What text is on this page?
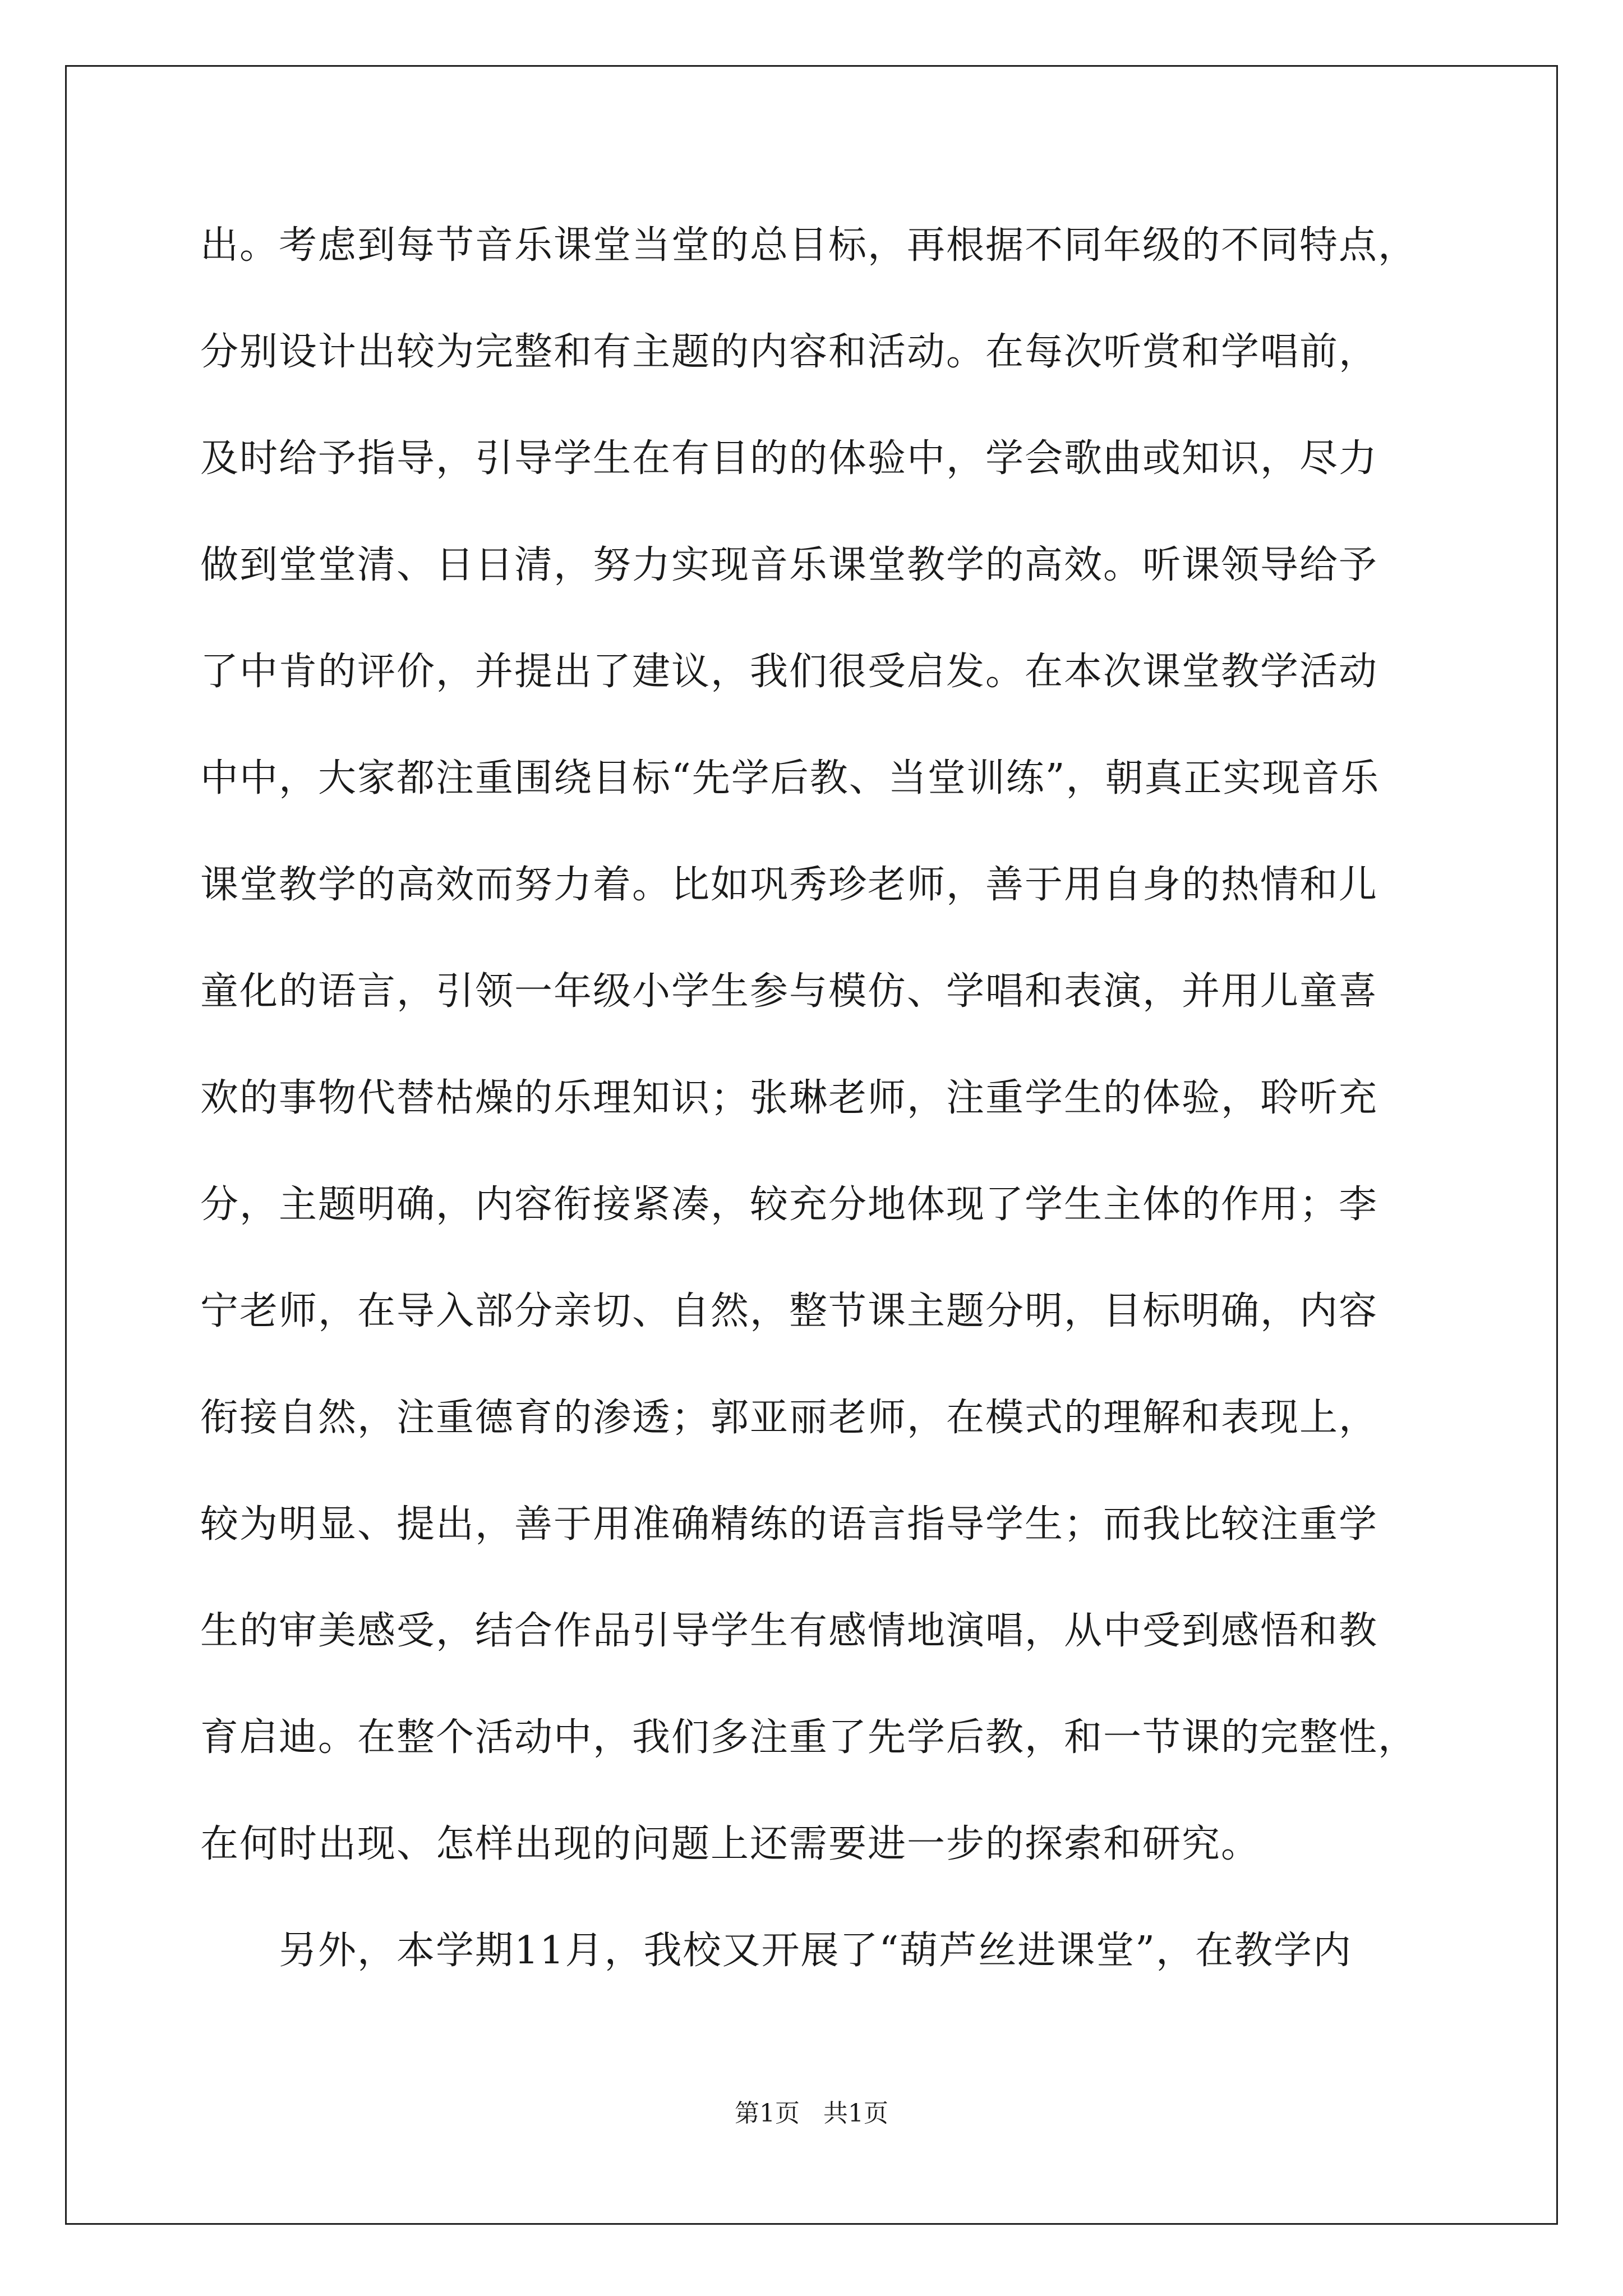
出。考虑到每节音乐课堂当堂的总目标，再根据不同年级的不同特点，
分别设计出较为完整和有主题的内容和活动。在每次听赏和学唱前，
及时给予指导，引导学生在有目的的体验中，学会歌曲或知识，尽力
做到堂堂清、日日清，努力实现音乐课堂教学的高效。听课领导给予
了中肯的评价，并提出了建议，我们很受启发。在本次课堂教学活动
中中，大家都注重围绕目标“先学后教、当堂训练”，朝真正实现音乐
课堂教学的高效而努力着。比如巩秀珍老师，善于用自身的热情和儿
童化的语言，引领一年级小学生参与模仿、学唱和表演，并用儿童喜
欢的事物代替枯燥的乐理知识；张琳老师，注重学生的体验，聆听充
分，主题明确，内容衔接紧凑，较充分地体现了学生主体的作用；李
宁老师，在导入部分亲切、自然，整节课主题分明，目标明确，内容
衔接自然，注重德育的渗透；郭亚丽老师，在模式的理解和表现上，
较为明显、提出，善于用准确精练的语言指导学生；而我比较注重学
生的审美感受，结合作品引导学生有感情地演唱，从中受到感悟和教
育启迪。在整个活动中，我们多注重了先学后教，和一节课的完整性，
在何时出现、怎样出现的问题上还需要进一步的探索和研究。
另外，本学期11月，我校又开展了“葫芦丝进课堂”，在教学内
第1页   共1页
